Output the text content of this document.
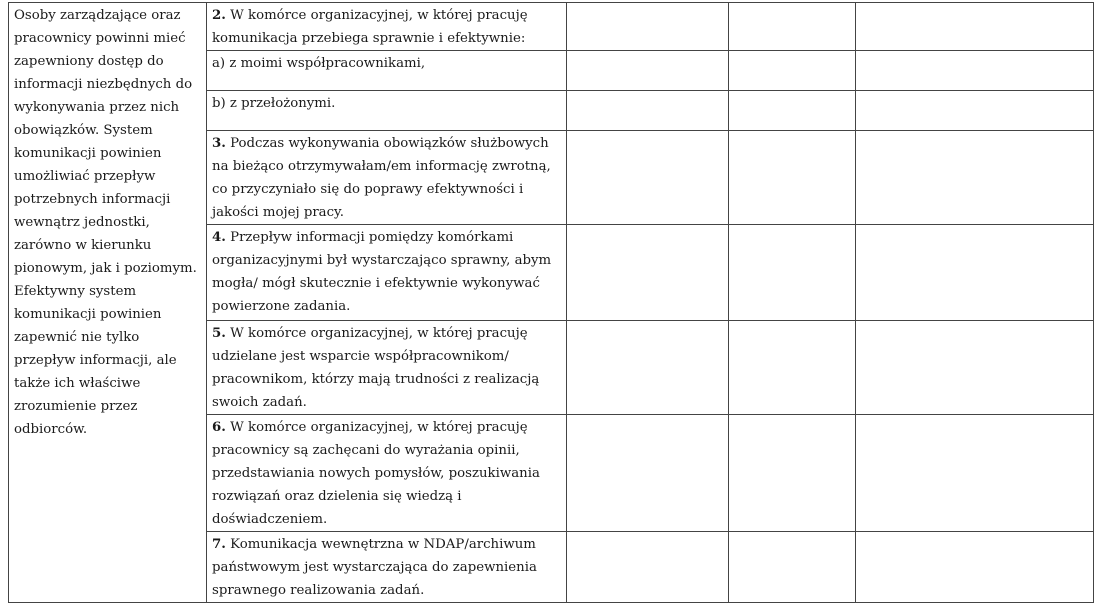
Osoby zarządzające oraz pracownicy powinni mieć zapewniony dostęp do informacji niezbędnych do wykonywania przez nich obowiązków. System komunikacji powinien umożliwiać przepływ potrzebnych informacji wewnątrz jednostki, zarówno w kierunku pionowym, jak i poziomym. Efektywny system komunikacji powinien zapewnić nie tylko przepływ informacji, ale także ich właściwe zrozumienie przez odbiorców.	2. W komórce organizacyjnej, w której pracuję komunikacja przebiega sprawnie i efektywnie:			
	a) z moimi współpracownikami,			
	b) z przełożonymi.			
	3. Podczas wykonywania obowiązków służbowych na bieżąco otrzymywałam/em informację zwrotną, co przyczyniało się do poprawy efektywności i jakości mojej pracy.			
	4. Przepływ informacji pomiędzy komórkami organizacyjnymi był wystarczająco sprawny, abym mogła/ mógł skutecznie i efektywnie wykonywać powierzone zadania.			
	5. W komórce organizacyjnej, w której pracuję udzielane jest wsparcie współpracownikom/ pracownikom, którzy mają trudności z realizacją swoich zadań.			
	6. W komórce organizacyjnej, w której pracuję pracownicy są zachęcani do wyrażania opinii, przedstawiania nowych pomysłów, poszukiwania rozwiązań oraz dzielenia się wiedzą i doświadczeniem.			
	7. Komunikacja wewnętrzna w NDAP/archiwum państwowym jest wystarczająca do zapewnienia sprawnego realizowania zadań.			
